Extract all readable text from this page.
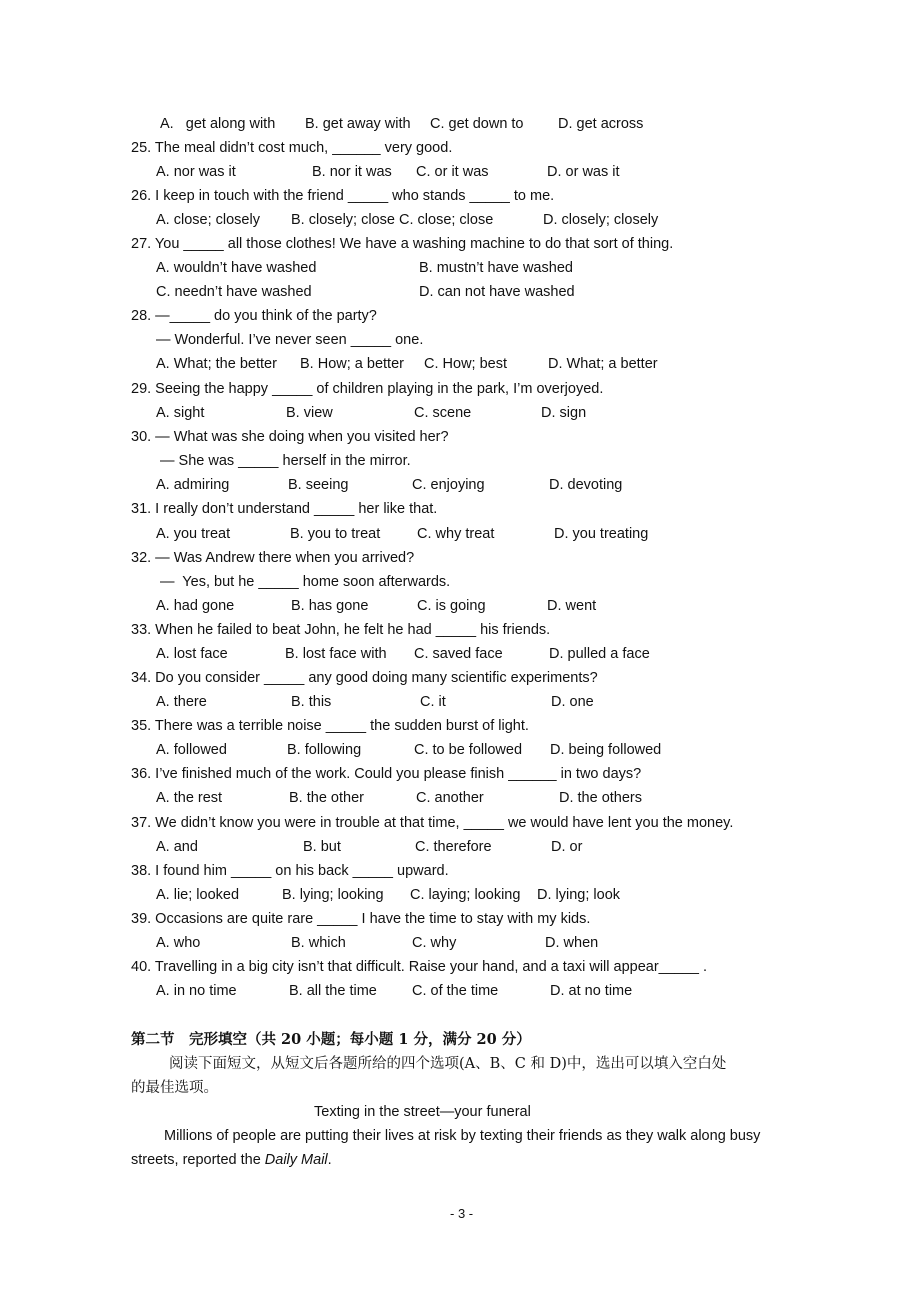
A.   get along with B. get away with C. get down to D. get across
25. The meal didn’t cost much, ______ very good.
A. nor was it	B. nor it was C. or it was	D. or was it
26. I keep in touch with the friend _____ who stands _____ to me.
A. close; closely B. closely; close C. close; close	D. closely; closely
27. You _____ all those clothes! We have a washing machine to do that sort of thing.
A. wouldn’t have washed	B. mustn’t have washed
C. needn’t have washed	D. can not have washed
28. —_____ do you think of the party?
— Wonderful. I’ve never seen _____ one.
A. What; the better B. How; a better C. How; best	D. What; a better
29. Seeing the happy _____ of children playing in the park, I’m overjoyed.
A. sight	B. view	C. scene	D. sign
30. — What was she doing when you visited her?
— She was _____ herself in the mirror.
A. admiring	B. seeing	C. enjoying	D. devoting
31. I really don’t understand _____ her like that.
A. you treat	B. you to treat	C. why treat	D. you treating
32. — Was Andrew there when you arrived?
—  Yes, but he _____ home soon afterwards.
A. had gone	B. has gone	C. is going	D. went
33. When he failed to beat John, he felt he had _____ his friends.
A. lost face	B. lost face with C. saved face	D. pulled a face
34. Do you consider _____ any good doing many scientific experiments?
A. there	B. this	C. it	D. one
35. There was a terrible noise _____ the sudden burst of light.
A. followed	B. following	C. to be followed D. being followed
36. I’ve finished much of the work. Could you please finish ______ in two days?
A. the rest	B. the other	C. another	D. the others
37. We didn’t know you were in trouble at that time, _____ we would have lent you the money.
A. and	B. but	C. therefore	D. or
38. I found him _____ on his back _____ upward.
A. lie; looked	B. lying; looking C. laying; looking D. lying; look
39. Occasions are quite rare _____ I have the time to stay with my kids.
A. who	B. which	C. why	D. when
40. Travelling in a big city isn’t that difficult. Raise your hand, and a taxi will appear_____ .
A. in no time	B. all the time C. of the time	D. at no time
第二节　完形填空（共 20 小题；每小题 1 分，满分 20 分）
阅读下面短文，从短文后各题所给的四个选项(A、B、C 和 D)中，选出可以填入空白处
的最佳选项。
Texting in the street—your funeral
Millions of people are putting their lives at risk by texting their friends as they walk along busy
streets, reported the Daily Mail.
- 3 -
